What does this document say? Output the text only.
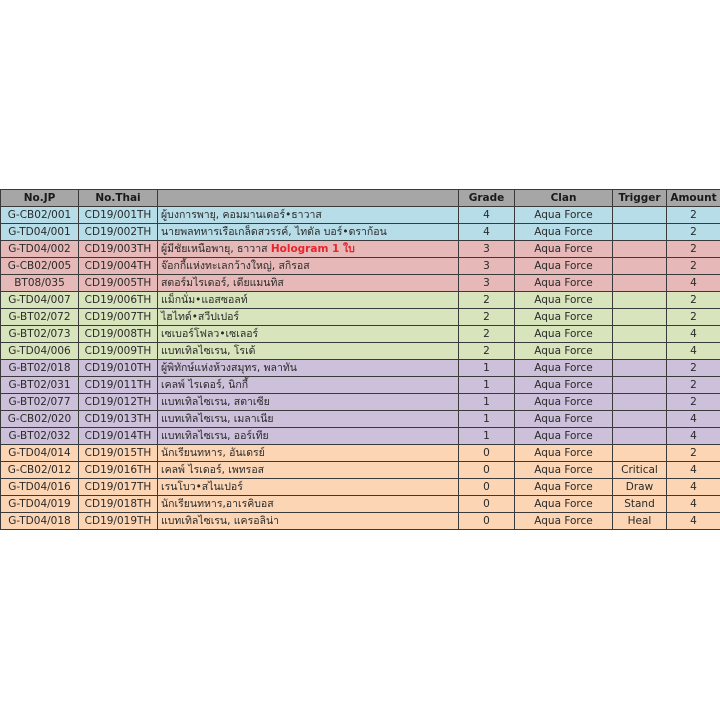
No.JP	No.Thai		Grade	Clan	Trigger	Amount
G-CB02/001	CD19/001TH	ผู้บงการพายุ, คอมมานเดอร์•ธาวาส	4	Aqua Force		2
G-TD04/001	CD19/002TH	นายพลทหารเรือเกล็ดสวรรค์, ไทดัล บอร์•ดราก้อน	4	Aqua Force		2
G-TD04/002	CD19/003TH	ผู้มีชัยเหนือพายุ, ธาวาส Hologram 1 ใบ	3	Aqua Force		2
G-CB02/005	CD19/004TH	จ๊อกกี้แห่งทะเลกว้างใหญ่, สกิรอส	3	Aqua Force		2
BT08/035	CD19/005TH	สตอร์มไรเดอร์, เดียแมนทิส	3	Aqua Force		4
G-TD04/007	CD19/006TH	แม็กนั่ม•แอสซอลท์	2	Aqua Force		2
G-BT02/072	CD19/007TH	ไฮไทด์•สวีปเปอร์	2	Aqua Force		2
G-BT02/073	CD19/008TH	เซเบอร์โฟลว•เซเลอร์	2	Aqua Force		4
G-TD04/006	CD19/009TH	แบทเทิลไซเรน, โรเด้	2	Aqua Force		4
G-BT02/018	CD19/010TH	ผู้พิทักษ์แห่งห้วงสมุทร, พลาทัน	1	Aqua Force		2
G-BT02/031	CD19/011TH	เคลพ์ ไรเดอร์, นิกกี้	1	Aqua Force		2
G-BT02/077	CD19/012TH	แบทเทิลไซเรน, สตาเซีย	1	Aqua Force		2
G-CB02/020	CD19/013TH	แบทเทิลไซเรน, เมลาเนีย	1	Aqua Force		4
G-BT02/032	CD19/014TH	แบทเทิลไซเรน, ออร์เทีย	1	Aqua Force		4
G-TD04/014	CD19/015TH	นักเรียนทหาร, อันเดรย์	0	Aqua Force		2
G-CB02/012	CD19/016TH	เคลพ์ ไรเดอร์, เพทรอส	0	Aqua Force	Critical	4
G-TD04/016	CD19/017TH	เรนโบว•สไนเปอร์	0	Aqua Force	Draw	4
G-TD04/019	CD19/018TH	นักเรียนทหาร,อาเรคิบอส	0	Aqua Force	Stand	4
G-TD04/018	CD19/019TH	แบทเทิลไซเรน, แครอลิน่า	0	Aqua Force	Heal	4
